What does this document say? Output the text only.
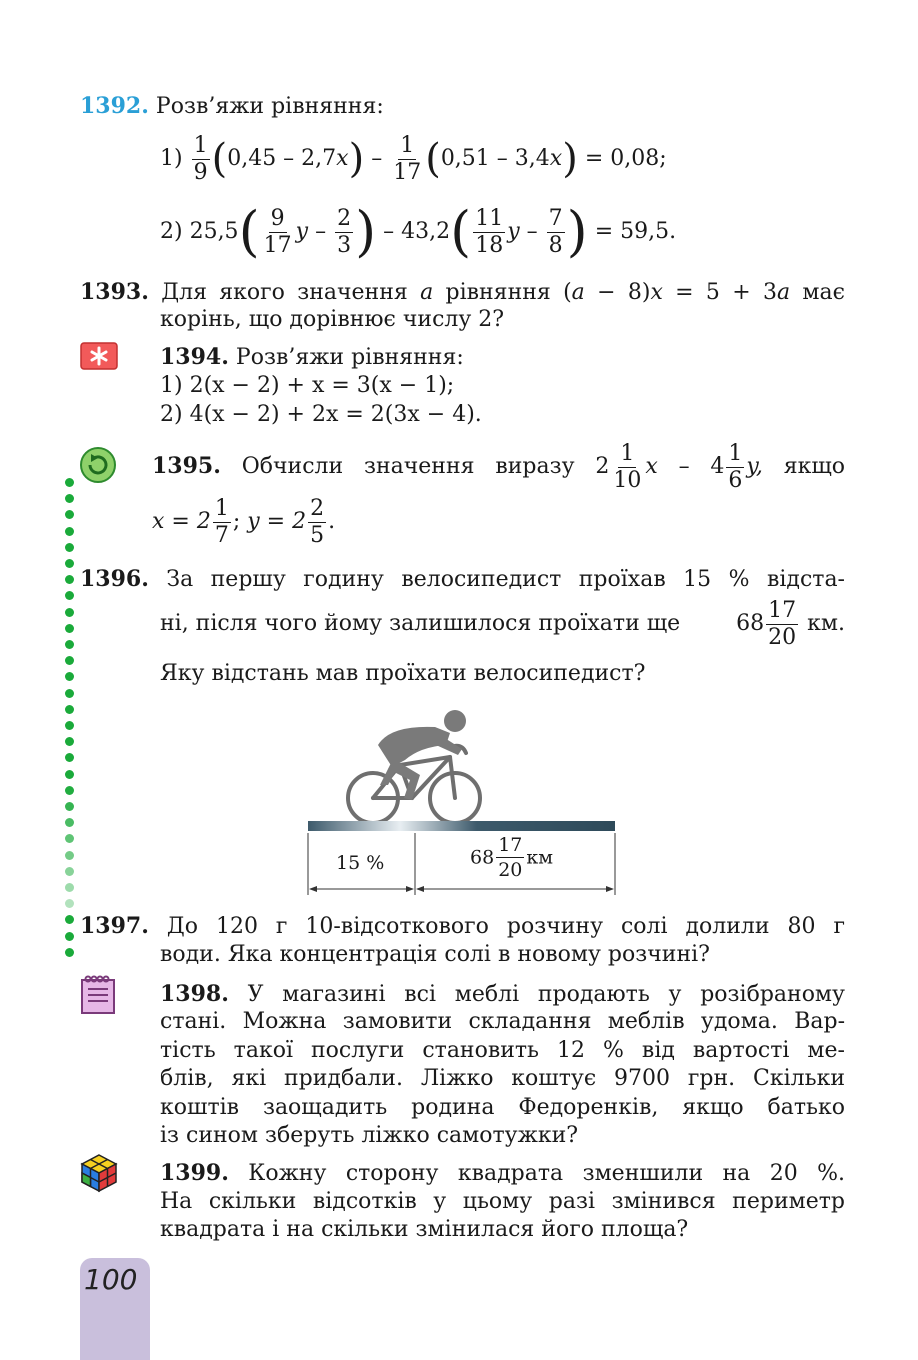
1392. Розв’яжи рівняння:
$1) \frac{1}{9} (0,45 - 2,7x) - \frac{1}{17} (0,51 - 3,4x) = 0,08$;
2) $25,5( \frac{9}{17}$ y – $\frac{2}{3}$ ) – $43,2( \frac{11}{18}$ y – $\frac{7}{8}$ ) = 59,5.
1393. Для якого значення a рівняння (a − 8)x = 5 + 3a має
корінь, що дорівнює числу 2?
1394. Розв’яжи рівняння:
1) 2(x − 2) + x = 3(x − 1);
2) 4(x − 2) + 2x = 2(3x − 4).
1395. Обчисли значення виразу $2 \frac{1}{10}$ x – $4 \frac{1}{6} y$, якщо
$x = 2 \frac{1}{7}$ ; $y = 2 \frac{2}{5}$ .
1396. За першу годину велосипедист проїхав 15 % відста-
ні, після чого йому залишилося проїхати ще	$68 \frac{17}{20}$ км.
Яку відстань мав проїхати велосипедист?
15 %	$68 \frac{17}{20}$ км
1397. До 120 г 10-відсоткового розчину солі долили 80 г
води. Яка концентрація солі в новому розчині?
1398. У магазині всі меблі продають у розібраному
стані. Можна замовити складання меблів удома. Вар-
тість такої послуги становить 12 % від вартості ме-
блів, які придбали. Ліжко коштує 9700 грн. Скільки
коштів заощадить родина Федоренків, якщо батько
із сином зберуть ліжко самотужки?
1399. Кожну сторону квадрата зменшили на 20 %.
На скільки відсотків у цьому разі змінився периметр
квадрата і на скільки змінилася його площа?
100
